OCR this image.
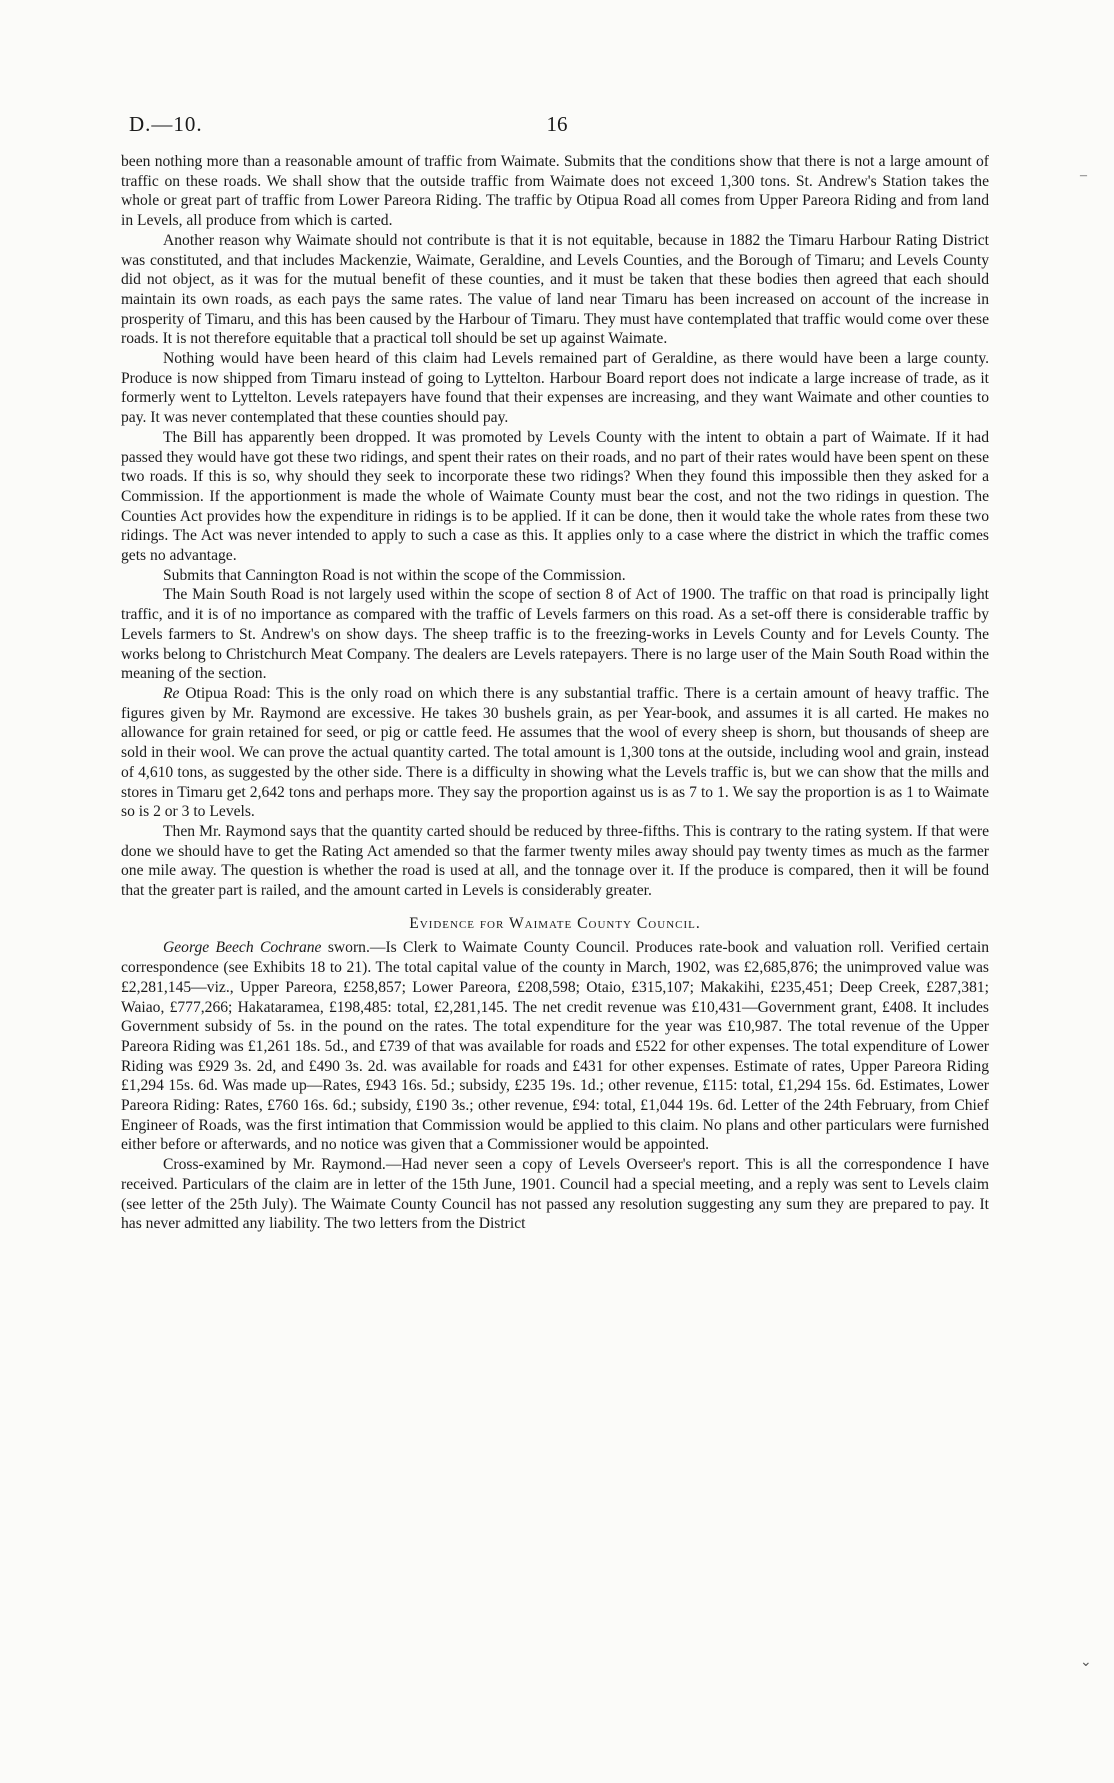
D.—10.	16
–
⌄

been nothing more than a reasonable amount of traffic from Waimate. Submits that the conditions show that there is not a large amount of traffic on these roads. We shall show that the outside traffic from Waimate does not exceed 1,300 tons. St. Andrew's Station takes the whole or great part of traffic from Lower Pareora Riding. The traffic by Otipua Road all comes from Upper Pareora Riding and from land in Levels, all produce from which is carted.

Another reason why Waimate should not contribute is that it is not equitable, because in 1882 the Timaru Harbour Rating District was constituted, and that includes Mackenzie, Waimate, Geraldine, and Levels Counties, and the Borough of Timaru; and Levels County did not object, as it was for the mutual benefit of these counties, and it must be taken that these bodies then agreed that each should maintain its own roads, as each pays the same rates. The value of land near Timaru has been increased on account of the increase in prosperity of Timaru, and this has been caused by the Harbour of Timaru. They must have contemplated that traffic would come over these roads. It is not therefore equitable that a practical toll should be set up against Waimate.

Nothing would have been heard of this claim had Levels remained part of Geraldine, as there would have been a large county. Produce is now shipped from Timaru instead of going to Lyttelton. Harbour Board report does not indicate a large increase of trade, as it formerly went to Lyttelton. Levels ratepayers have found that their expenses are increasing, and they want Waimate and other counties to pay. It was never contemplated that these counties should pay.

The Bill has apparently been dropped. It was promoted by Levels County with the intent to obtain a part of Waimate. If it had passed they would have got these two ridings, and spent their rates on their roads, and no part of their rates would have been spent on these two roads. If this is so, why should they seek to incorporate these two ridings? When they found this impossible then they asked for a Commission. If the apportionment is made the whole of Waimate County must bear the cost, and not the two ridings in question. The Counties Act provides how the expenditure in ridings is to be applied. If it can be done, then it would take the whole rates from these two ridings. The Act was never intended to apply to such a case as this. It applies only to a case where the district in which the traffic comes gets no advantage.

Submits that Cannington Road is not within the scope of the Commission.

The Main South Road is not largely used within the scope of section 8 of Act of 1900. The traffic on that road is principally light traffic, and it is of no importance as compared with the traffic of Levels farmers on this road. As a set-off there is considerable traffic by Levels farmers to St. Andrew's on show days. The sheep traffic is to the freezing-works in Levels County and for Levels County. The works belong to Christchurch Meat Company. The dealers are Levels ratepayers. There is no large user of the Main South Road within the meaning of the section.

Re Otipua Road: This is the only road on which there is any substantial traffic. There is a certain amount of heavy traffic. The figures given by Mr. Raymond are excessive. He takes 30 bushels grain, as per Year-book, and assumes it is all carted. He makes no allowance for grain retained for seed, or pig or cattle feed. He assumes that the wool of every sheep is shorn, but thousands of sheep are sold in their wool. We can prove the actual quantity carted. The total amount is 1,300 tons at the outside, including wool and grain, instead of 4,610 tons, as suggested by the other side. There is a difficulty in showing what the Levels traffic is, but we can show that the mills and stores in Timaru get 2,642 tons and perhaps more. They say the proportion against us is as 7 to 1. We say the proportion is as 1 to Waimate so is 2 or 3 to Levels.

Then Mr. Raymond says that the quantity carted should be reduced by three-fifths. This is contrary to the rating system. If that were done we should have to get the Rating Act amended so that the farmer twenty miles away should pay twenty times as much as the farmer one mile away. The question is whether the road is used at all, and the tonnage over it. If the produce is compared, then it will be found that the greater part is railed, and the amount carted in Levels is considerably greater.

Evidence for Waimate County Council.

George Beech Cochrane sworn.—Is Clerk to Waimate County Council. Produces rate-book and valuation roll. Verified certain correspondence (see Exhibits 18 to 21). The total capital value of the county in March, 1902, was £2,685,876; the unimproved value was £2,281,145—viz., Upper Pareora, £258,857; Lower Pareora, £208,598; Otaio, £315,107; Makakihi, £235,451; Deep Creek, £287,381; Waiao, £777,266; Hakataramea, £198,485: total, £2,281,145. The net credit revenue was £10,431—Government grant, £408. It includes Government subsidy of 5s. in the pound on the rates. The total expenditure for the year was £10,987. The total revenue of the Upper Pareora Riding was £1,261 18s. 5d., and £739 of that was available for roads and £522 for other expenses. The total expenditure of Lower Riding was £929 3s. 2d, and £490 3s. 2d. was available for roads and £431 for other expenses. Estimate of rates, Upper Pareora Riding £1,294 15s. 6d. Was made up—Rates, £943 16s. 5d.; subsidy, £235 19s. 1d.; other revenue, £115: total, £1,294 15s. 6d. Estimates, Lower Pareora Riding: Rates, £760 16s. 6d.; subsidy, £190 3s.; other revenue, £94: total, £1,044 19s. 6d. Letter of the 24th February, from Chief Engineer of Roads, was the first intimation that Commission would be applied to this claim. No plans and other particulars were furnished either before or afterwards, and no notice was given that a Commissioner would be appointed.

Cross-examined by Mr. Raymond.—Had never seen a copy of Levels Overseer's report. This is all the correspondence I have received. Particulars of the claim are in letter of the 15th June, 1901. Council had a special meeting, and a reply was sent to Levels claim (see letter of the 25th July). The Waimate County Council has not passed any resolution suggesting any sum they are prepared to pay. It has never admitted any liability. The two letters from the District
